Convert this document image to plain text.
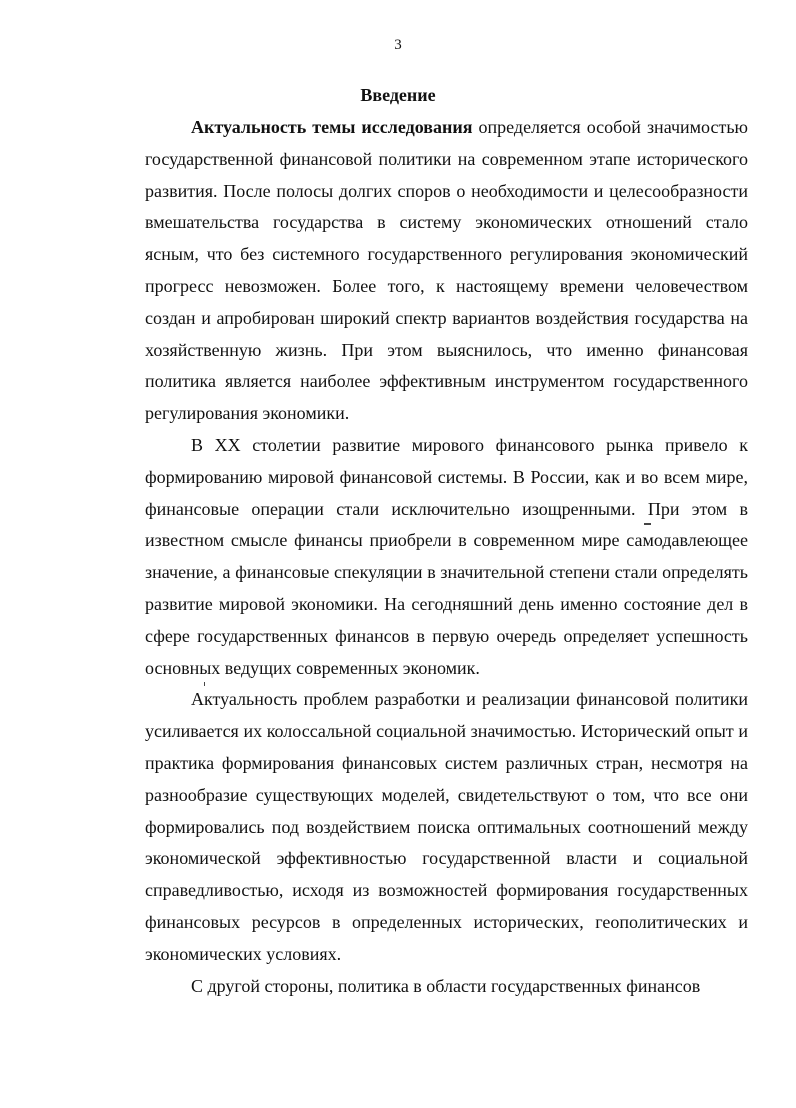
3
Введение

Актуальность темы исследования определяется особой значимостью государственной финансовой политики на современном этапе исторического развития. После полосы долгих споров о необходимости и целесообразности вмешательства государства в систему экономических отношений стало ясным, что без системного государственного регулирования экономический прогресс невозможен. Более того, к настоящему времени человечеством создан и апробирован широкий спектр вариантов воздействия государства на хозяйственную жизнь. При этом выяснилось, что именно финансовая политика является наиболее эффективным инструментом государственного регулирования экономики.

В XX столетии развитие мирового финансового рынка привело к формированию мировой финансовой системы. В России, как и во всем мире, финансовые операции стали исключительно изощренными. При этом в известном смысле финансы приобрели в современном мире самодавлеющее значение, а финансовые спекуляции в значительной степени стали определять развитие мировой экономики. На сегодняшний день именно состояние дел в сфере государственных финансов в первую очередь определяет успешность основных ведущих современных экономик.

Актуальность проблем разработки и реализации финансовой политики усиливается их колоссальной социальной значимостью. Исторический опыт и практика формирования финансовых систем различных стран, несмотря на разнообразие существующих моделей, свидетельствуют о том, что все они формировались под воздействием поиска оптимальных соотношений между экономической эффективностью государственной власти и социальной справедливостью, исходя из возможностей формирования государственных финансовых ресурсов в определенных исторических, геополитических и экономических условиях.

С другой стороны, политика в области государственных финансов
